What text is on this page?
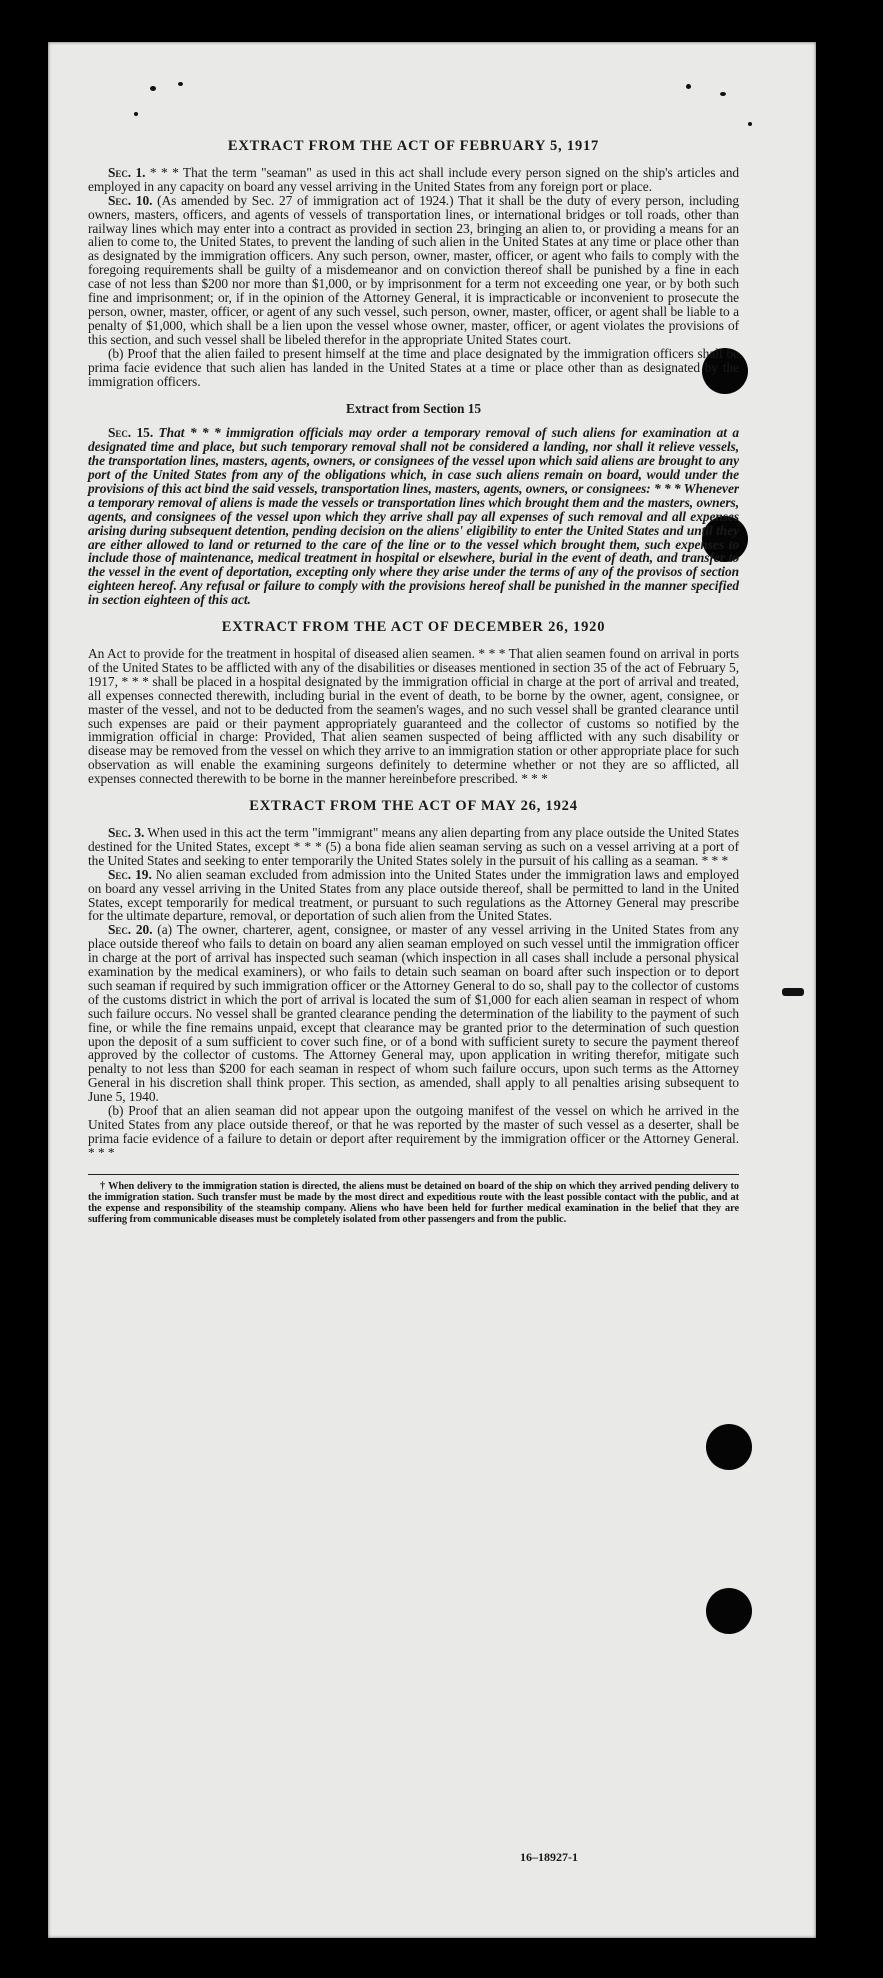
EXTRACT FROM THE ACT OF FEBRUARY 5, 1917

Sec. 1. * * * That the term "seaman" as used in this act shall include every person signed on the ship's articles and employed in any capacity on board any vessel arriving in the United States from any foreign port or place.

Sec. 10. (As amended by Sec. 27 of immigration act of 1924.) That it shall be the duty of every person, including owners, masters, officers, and agents of vessels of transportation lines, or international bridges or toll roads, other than railway lines which may enter into a contract as provided in section 23, bringing an alien to, or providing a means for an alien to come to, the United States, to prevent the landing of such alien in the United States at any time or place other than as designated by the immigration officers. Any such person, owner, master, officer, or agent who fails to comply with the foregoing requirements shall be guilty of a misdemeanor and on conviction thereof shall be punished by a fine in each case of not less than $200 nor more than $1,000, or by imprisonment for a term not exceeding one year, or by both such fine and imprisonment; or, if in the opinion of the Attorney General, it is impracticable or inconvenient to prosecute the person, owner, master, officer, or agent of any such vessel, such person, owner, master, officer, or agent shall be liable to a penalty of $1,000, which shall be a lien upon the vessel whose owner, master, officer, or agent violates the provisions of this section, and such vessel shall be libeled therefor in the appropriate United States court.

(b) Proof that the alien failed to present himself at the time and place designated by the immigration officers shall be prima facie evidence that such alien has landed in the United States at a time or place other than as designated by the immigration officers.

Extract from Section 15

Sec. 15. That * * * immigration officials may order a temporary removal of such aliens for examination at a designated time and place, but such temporary removal shall not be considered a landing, nor shall it relieve vessels, the transportation lines, masters, agents, owners, or consignees of the vessel upon which said aliens are brought to any port of the United States from any of the obligations which, in case such aliens remain on board, would under the provisions of this act bind the said vessels, transportation lines, masters, agents, owners, or consignees: * * * Whenever a temporary removal of aliens is made the vessels or transportation lines which brought them and the masters, owners, agents, and consignees of the vessel upon which they arrive shall pay all expenses of such removal and all expenses arising during subsequent detention, pending decision on the aliens' eligibility to enter the United States and until they are either allowed to land or returned to the care of the line or to the vessel which brought them, such expenses to include those of maintenance, medical treatment in hospital or elsewhere, burial in the event of death, and transfer to the vessel in the event of deportation, excepting only where they arise under the terms of any of the provisos of section eighteen hereof. Any refusal or failure to comply with the provisions hereof shall be punished in the manner specified in section eighteen of this act.

EXTRACT FROM THE ACT OF DECEMBER 26, 1920

An Act to provide for the treatment in hospital of diseased alien seamen. * * * That alien seamen found on arrival in ports of the United States to be afflicted with any of the disabilities or diseases mentioned in section 35 of the act of February 5, 1917, * * * shall be placed in a hospital designated by the immigration official in charge at the port of arrival and treated, all expenses connected therewith, including burial in the event of death, to be borne by the owner, agent, consignee, or master of the vessel, and not to be deducted from the seamen's wages, and no such vessel shall be granted clearance until such expenses are paid or their payment appropriately guaranteed and the collector of customs so notified by the immigration official in charge: Provided, That alien seamen suspected of being afflicted with any such disability or disease may be removed from the vessel on which they arrive to an immigration station or other appropriate place for such observation as will enable the examining surgeons definitely to determine whether or not they are so afflicted, all expenses connected therewith to be borne in the manner hereinbefore prescribed. * * *

EXTRACT FROM THE ACT OF MAY 26, 1924

Sec. 3. When used in this act the term "immigrant" means any alien departing from any place outside the United States destined for the United States, except * * * (5) a bona fide alien seaman serving as such on a vessel arriving at a port of the United States and seeking to enter temporarily the United States solely in the pursuit of his calling as a seaman. * * *

Sec. 19. No alien seaman excluded from admission into the United States under the immigration laws and employed on board any vessel arriving in the United States from any place outside thereof, shall be permitted to land in the United States, except temporarily for medical treatment, or pursuant to such regulations as the Attorney General may prescribe for the ultimate departure, removal, or deportation of such alien from the United States.

Sec. 20. (a) The owner, charterer, agent, consignee, or master of any vessel arriving in the United States from any place outside thereof who fails to detain on board any alien seaman employed on such vessel until the immigration officer in charge at the port of arrival has inspected such seaman (which inspection in all cases shall include a personal physical examination by the medical examiners), or who fails to detain such seaman on board after such inspection or to deport such seaman if required by such immigration officer or the Attorney General to do so, shall pay to the collector of customs of the customs district in which the port of arrival is located the sum of $1,000 for each alien seaman in respect of whom such failure occurs. No vessel shall be granted clearance pending the determination of the liability to the payment of such fine, or while the fine remains unpaid, except that clearance may be granted prior to the determination of such question upon the deposit of a sum sufficient to cover such fine, or of a bond with sufficient surety to secure the payment thereof approved by the collector of customs. The Attorney General may, upon application in writing therefor, mitigate such penalty to not less than $200 for each seaman in respect of whom such failure occurs, upon such terms as the Attorney General in his discretion shall think proper. This section, as amended, shall apply to all penalties arising subsequent to June 5, 1940.

(b) Proof that an alien seaman did not appear upon the outgoing manifest of the vessel on which he arrived in the United States from any place outside thereof, or that he was reported by the master of such vessel as a deserter, shall be prima facie evidence of a failure to detain or deport after requirement by the immigration officer or the Attorney General. * * *

† When delivery to the immigration station is directed, the aliens must be detained on board of the ship on which they arrived pending delivery to the immigration station. Such transfer must be made by the most direct and expeditious route with the least possible contact with the public, and at the expense and responsibility of the steamship company. Aliens who have been held for further medical examination in the belief that they are suffering from communicable diseases must be completely isolated from other passengers and from the public.

16–18927-1
